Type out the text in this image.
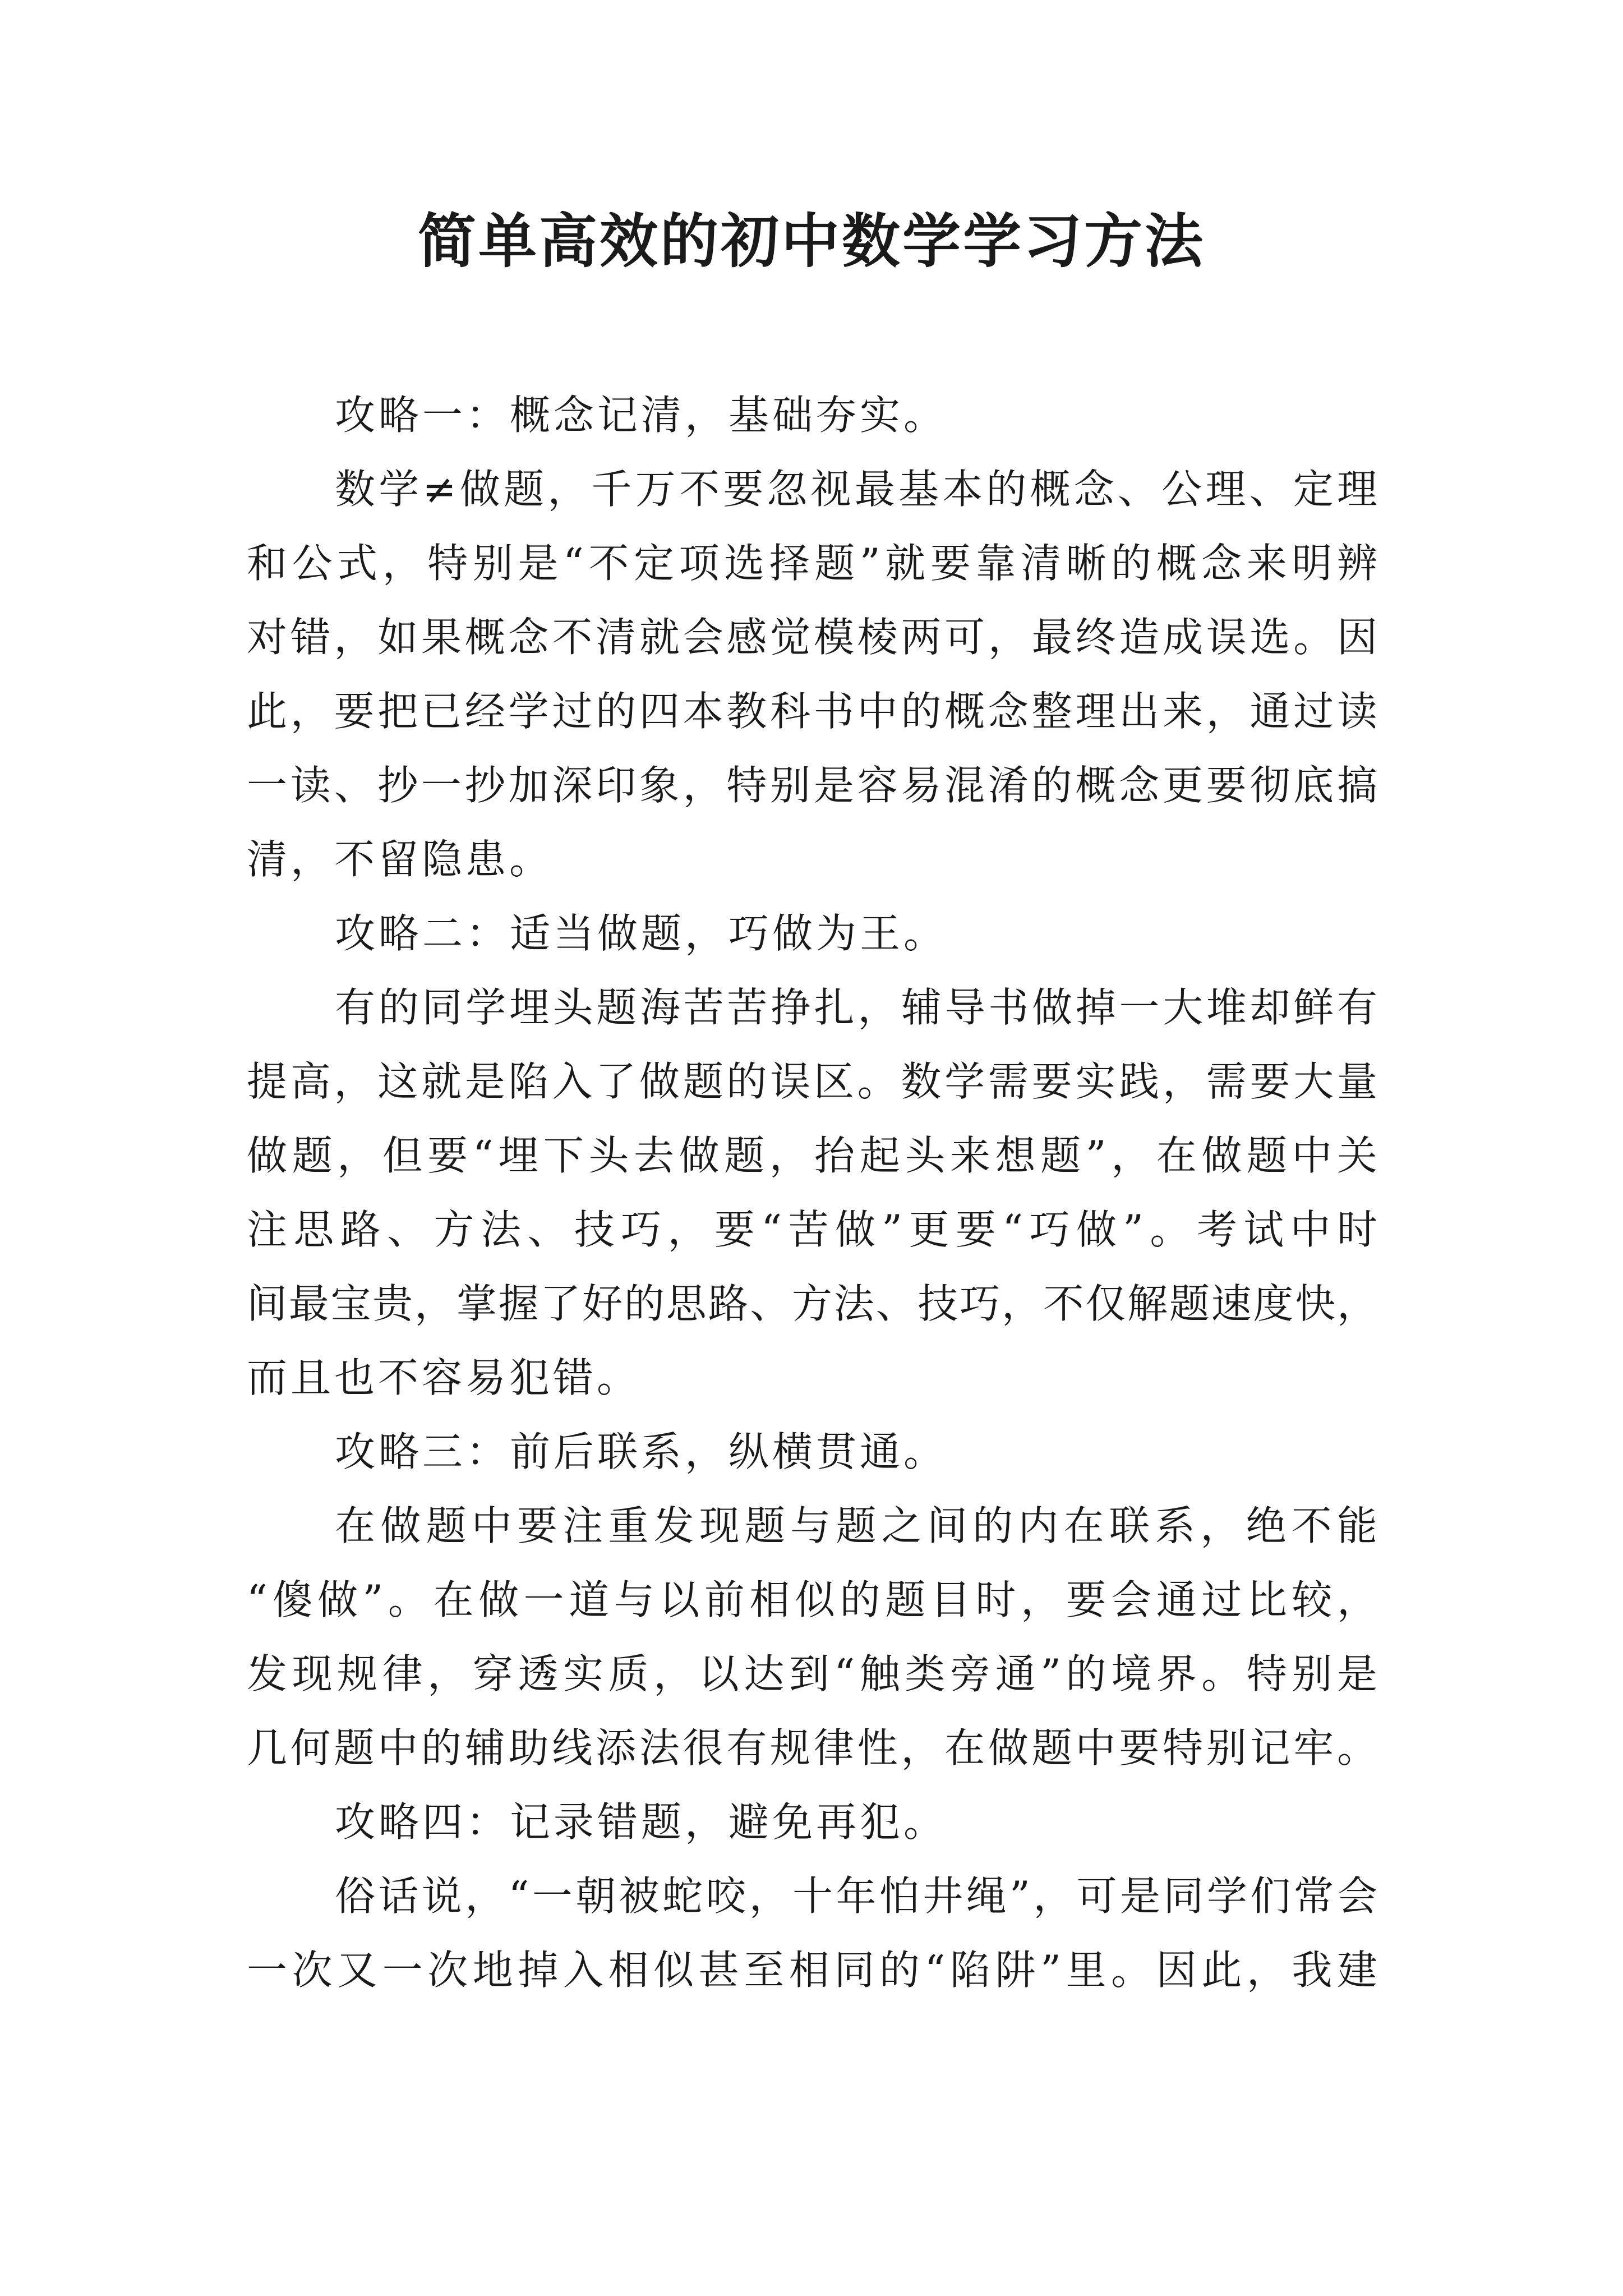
简单高效的初中数学学习方法

攻略一：概念记清，基础夯实。

数学≠做题，千万不要忽视最基本的概念、公理、定理

和公式，特别是“不定项选择题”就要靠清晰的概念来明辨

对错，如果概念不清就会感觉模棱两可，最终造成误选。因

此，要把已经学过的四本教科书中的概念整理出来，通过读

一读、抄一抄加深印象，特别是容易混淆的概念更要彻底搞

清，不留隐患。

攻略二：适当做题，巧做为王。

有的同学埋头题海苦苦挣扎，辅导书做掉一大堆却鲜有

提高，这就是陷入了做题的误区。数学需要实践，需要大量

做题，但要“埋下头去做题，抬起头来想题”，在做题中关

注思路、方法、技巧，要“苦做”更要“巧做”。考试中时

间最宝贵，掌握了好的思路、方法、技巧，不仅解题速度快，

而且也不容易犯错。

攻略三：前后联系，纵横贯通。

在做题中要注重发现题与题之间的内在联系，绝不能

“傻做”。在做一道与以前相似的题目时，要会通过比较，

发现规律，穿透实质，以达到“触类旁通”的境界。特别是

几何题中的辅助线添法很有规律性，在做题中要特别记牢。

攻略四：记录错题，避免再犯。

俗话说，“一朝被蛇咬，十年怕井绳”，可是同学们常会

一次又一次地掉入相似甚至相同的“陷阱”里。因此，我建
